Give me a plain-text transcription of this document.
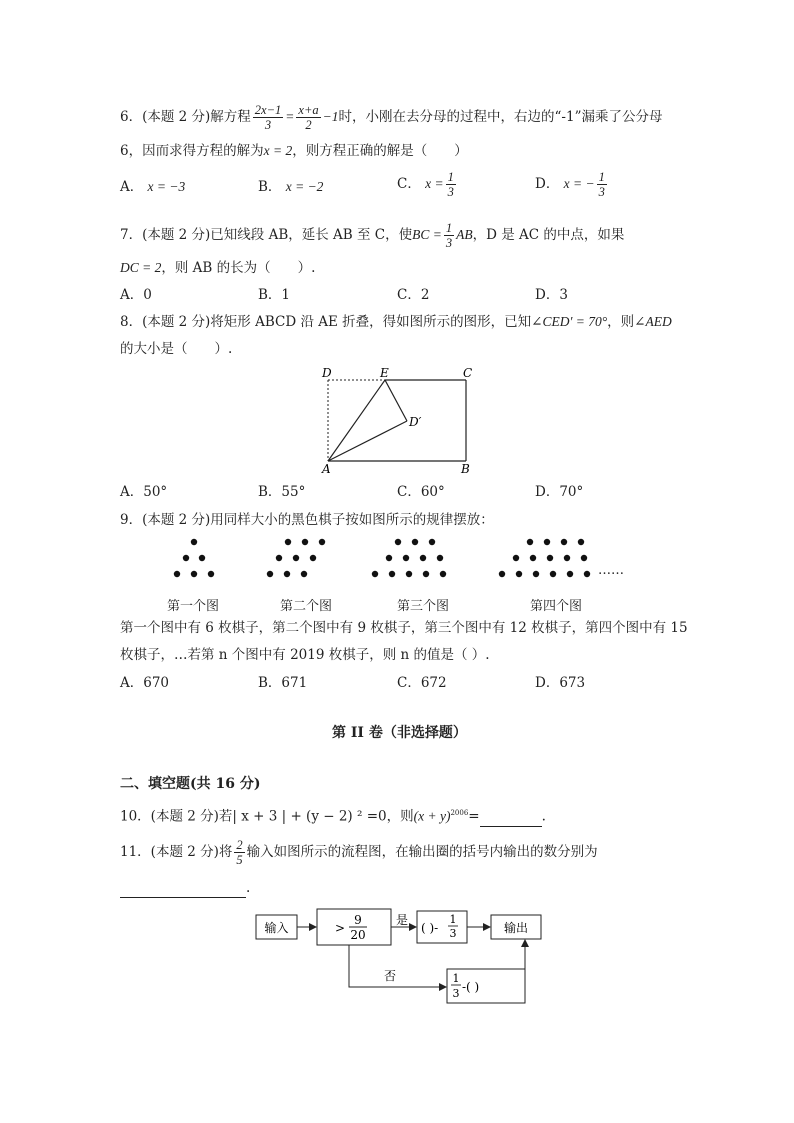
6．(本题 2 分)解方程 $\frac{2x-1}{3} = \frac{x+a}{2} -1$时，小刚在去分母的过程中，右边的“-1”漏乘了公分母
6，因而求得方程的解为x = 2，则方程正确的解是（　　）
A． x = −3	B． x = −2	C． $x = \frac{1}{3}$	D． x = − $\frac{1}{3}$
7．(本题 2 分)已知线段 AB，延长 AB 至 C，使BC = $\frac{1}{3}$ AB，D 是 AC 的中点，如果
DC = 2，则 AB 的长为（　　）.
A．0	B．1	C．2	D．3
8．(本题 2 分)将矩形 ABCD 沿 AE 折叠，得如图所示的图形，已知∠CED′ = 70°，则∠AED
的大小是（　　）.
D	E	C
D′
A	B
A．50°	B．55°	C．60°	D．70°
9．(本题 2 分)用同样大小的黑色棋子按如图所示的规律摆放：
……
第一个图	第二个图	第三个图	第四个图
第一个图中有 6 枚棋子，第二个图中有 9 枚棋子，第三个图中有 12 枚棋子，第四个图中有 15
枚棋子，…若第 n 个图中有 2019 枚棋子，则 n 的值是（ ）.
A．670	B．671	C．672	D．673
第 II 卷（非选择题）
二、填空题(共 16 分)
10．(本题 2 分)若| x + 3 | + (y − 2) ² =0，则$(x + y)^{2006}=$	.
11．(本题 2 分)将 $\frac{2}{5}$ 输入如图所示的流程图，在输出圈的括号内输出的数分别为
.
输入	>
9
20
是
( )-
1
3	输出
否	1
3 -( )
